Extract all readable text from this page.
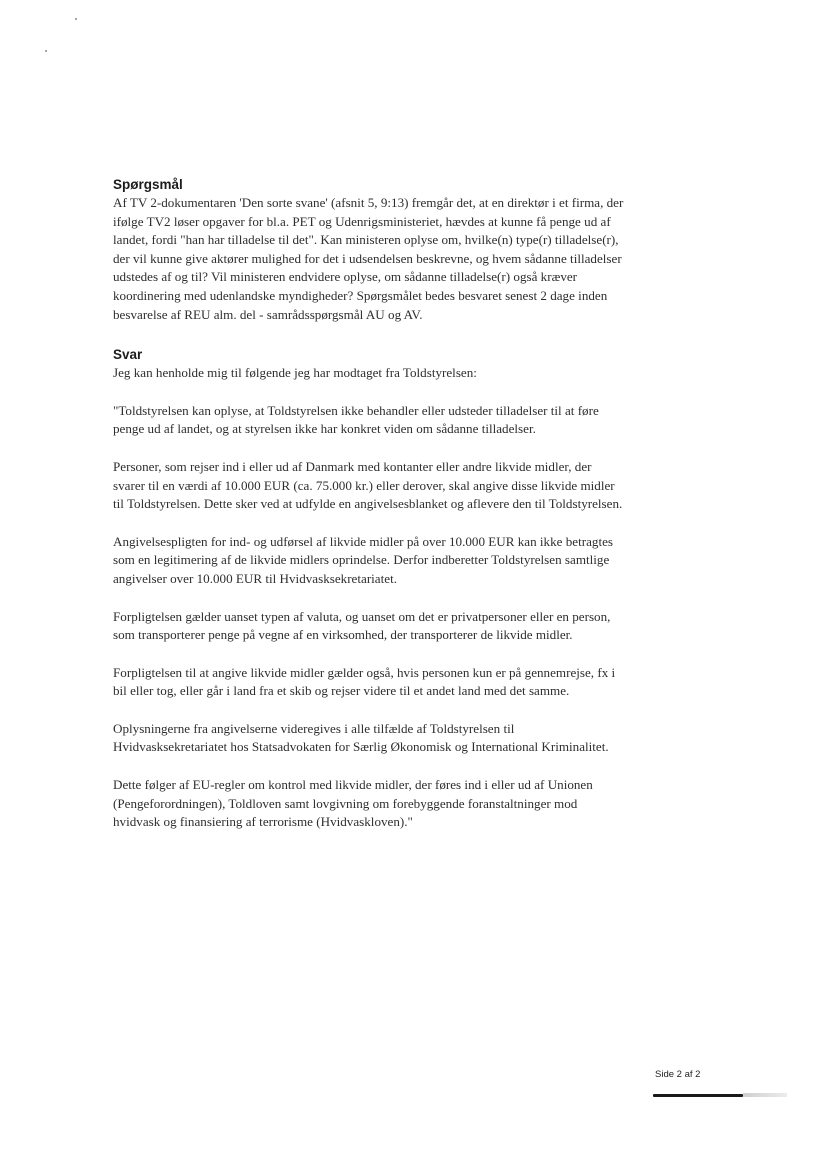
Spørgsmål

Af TV 2-dokumentaren 'Den sorte svane' (afsnit 5, 9:13) fremgår det, at en direktør i et firma, der ifølge TV2 løser opgaver for bl.a. PET og Udenrigsministeriet, hævdes at kunne få penge ud af landet, fordi "han har tilladelse til det". Kan ministeren oplyse om, hvilke(n) type(r) tilladelse(r), der vil kunne give aktører mulighed for det i udsendelsen beskrevne, og hvem sådanne tilladelser udstedes af og til? Vil ministeren endvidere oplyse, om sådanne tilladelse(r) også kræver koordinering med udenlandske myndigheder? Spørgsmålet bedes besvaret senest 2 dage inden besvarelse af REU alm. del - samrådsspørgsmål AU og AV.

Svar

Jeg kan henholde mig til følgende jeg har modtaget fra Toldstyrelsen:

"Toldstyrelsen kan oplyse, at Toldstyrelsen ikke behandler eller udsteder tilladelser til at føre penge ud af landet, og at styrelsen ikke har konkret viden om sådanne tilladelser.

Personer, som rejser ind i eller ud af Danmark med kontanter eller andre likvide midler, der svarer til en værdi af 10.000 EUR (ca. 75.000 kr.) eller derover, skal angive disse likvide midler til Toldstyrelsen. Dette sker ved at udfylde en angivelsesblanket og aflevere den til Toldstyrelsen.

Angivelsespligten for ind- og udførsel af likvide midler på over 10.000 EUR kan ikke betragtes som en legitimering af de likvide midlers oprindelse. Derfor indberetter Toldstyrelsen samtlige angivelser over 10.000 EUR til Hvidvasksekretariatet.

Forpligtelsen gælder uanset typen af valuta, og uanset om det er privatpersoner eller en person, som transporterer penge på vegne af en virksomhed, der transporterer de likvide midler.

Forpligtelsen til at angive likvide midler gælder også, hvis personen kun er på gennemrejse, fx i bil eller tog, eller går i land fra et skib og rejser videre til et andet land med det samme.

Oplysningerne fra angivelserne videregives i alle tilfælde af Toldstyrelsen til Hvidvasksekretariatet hos Statsadvokaten for Særlig Økonomisk og International Kriminalitet.

Dette følger af EU-regler om kontrol med likvide midler, der føres ind i eller ud af Unionen (Pengeforordningen), Toldloven samt lovgivning om forebyggende foranstaltninger mod hvidvask og finansiering af terrorisme (Hvidvaskloven)."

Side 2 af 2
